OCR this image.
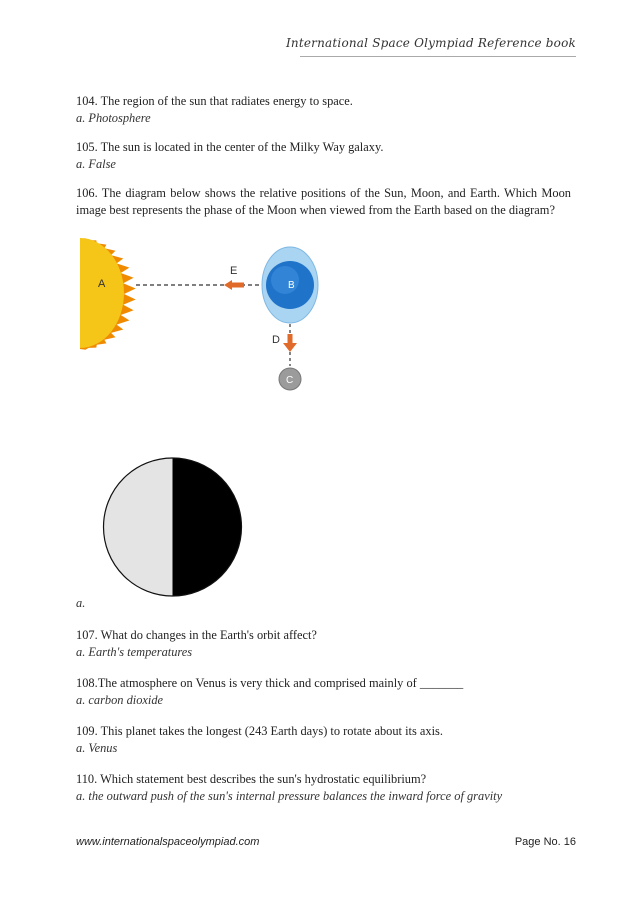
International Space Olympiad Reference book

104. The region of the sun that radiates energy to space.

a. Photosphere

105. The sun is located in the center of the Milky Way galaxy.

a. False

106. The diagram below shows the relative positions of the Sun, Moon, and Earth. Which Moon image best represents the phase of the Moon when viewed from the Earth based on the diagram?

A
E
B
D
C
a.

107. What do changes in the Earth's orbit affect?

a. Earth's temperatures

108.The atmosphere on Venus is very thick and comprised mainly of _______

a. carbon dioxide

109. This planet takes the longest (243 Earth days) to rotate about its axis.

a. Venus

110. Which statement best describes the sun's hydrostatic equilibrium?

a. the outward push of the sun's internal pressure balances the inward force of gravity

www.internationalspaceolympiad.com	Page No. 16
